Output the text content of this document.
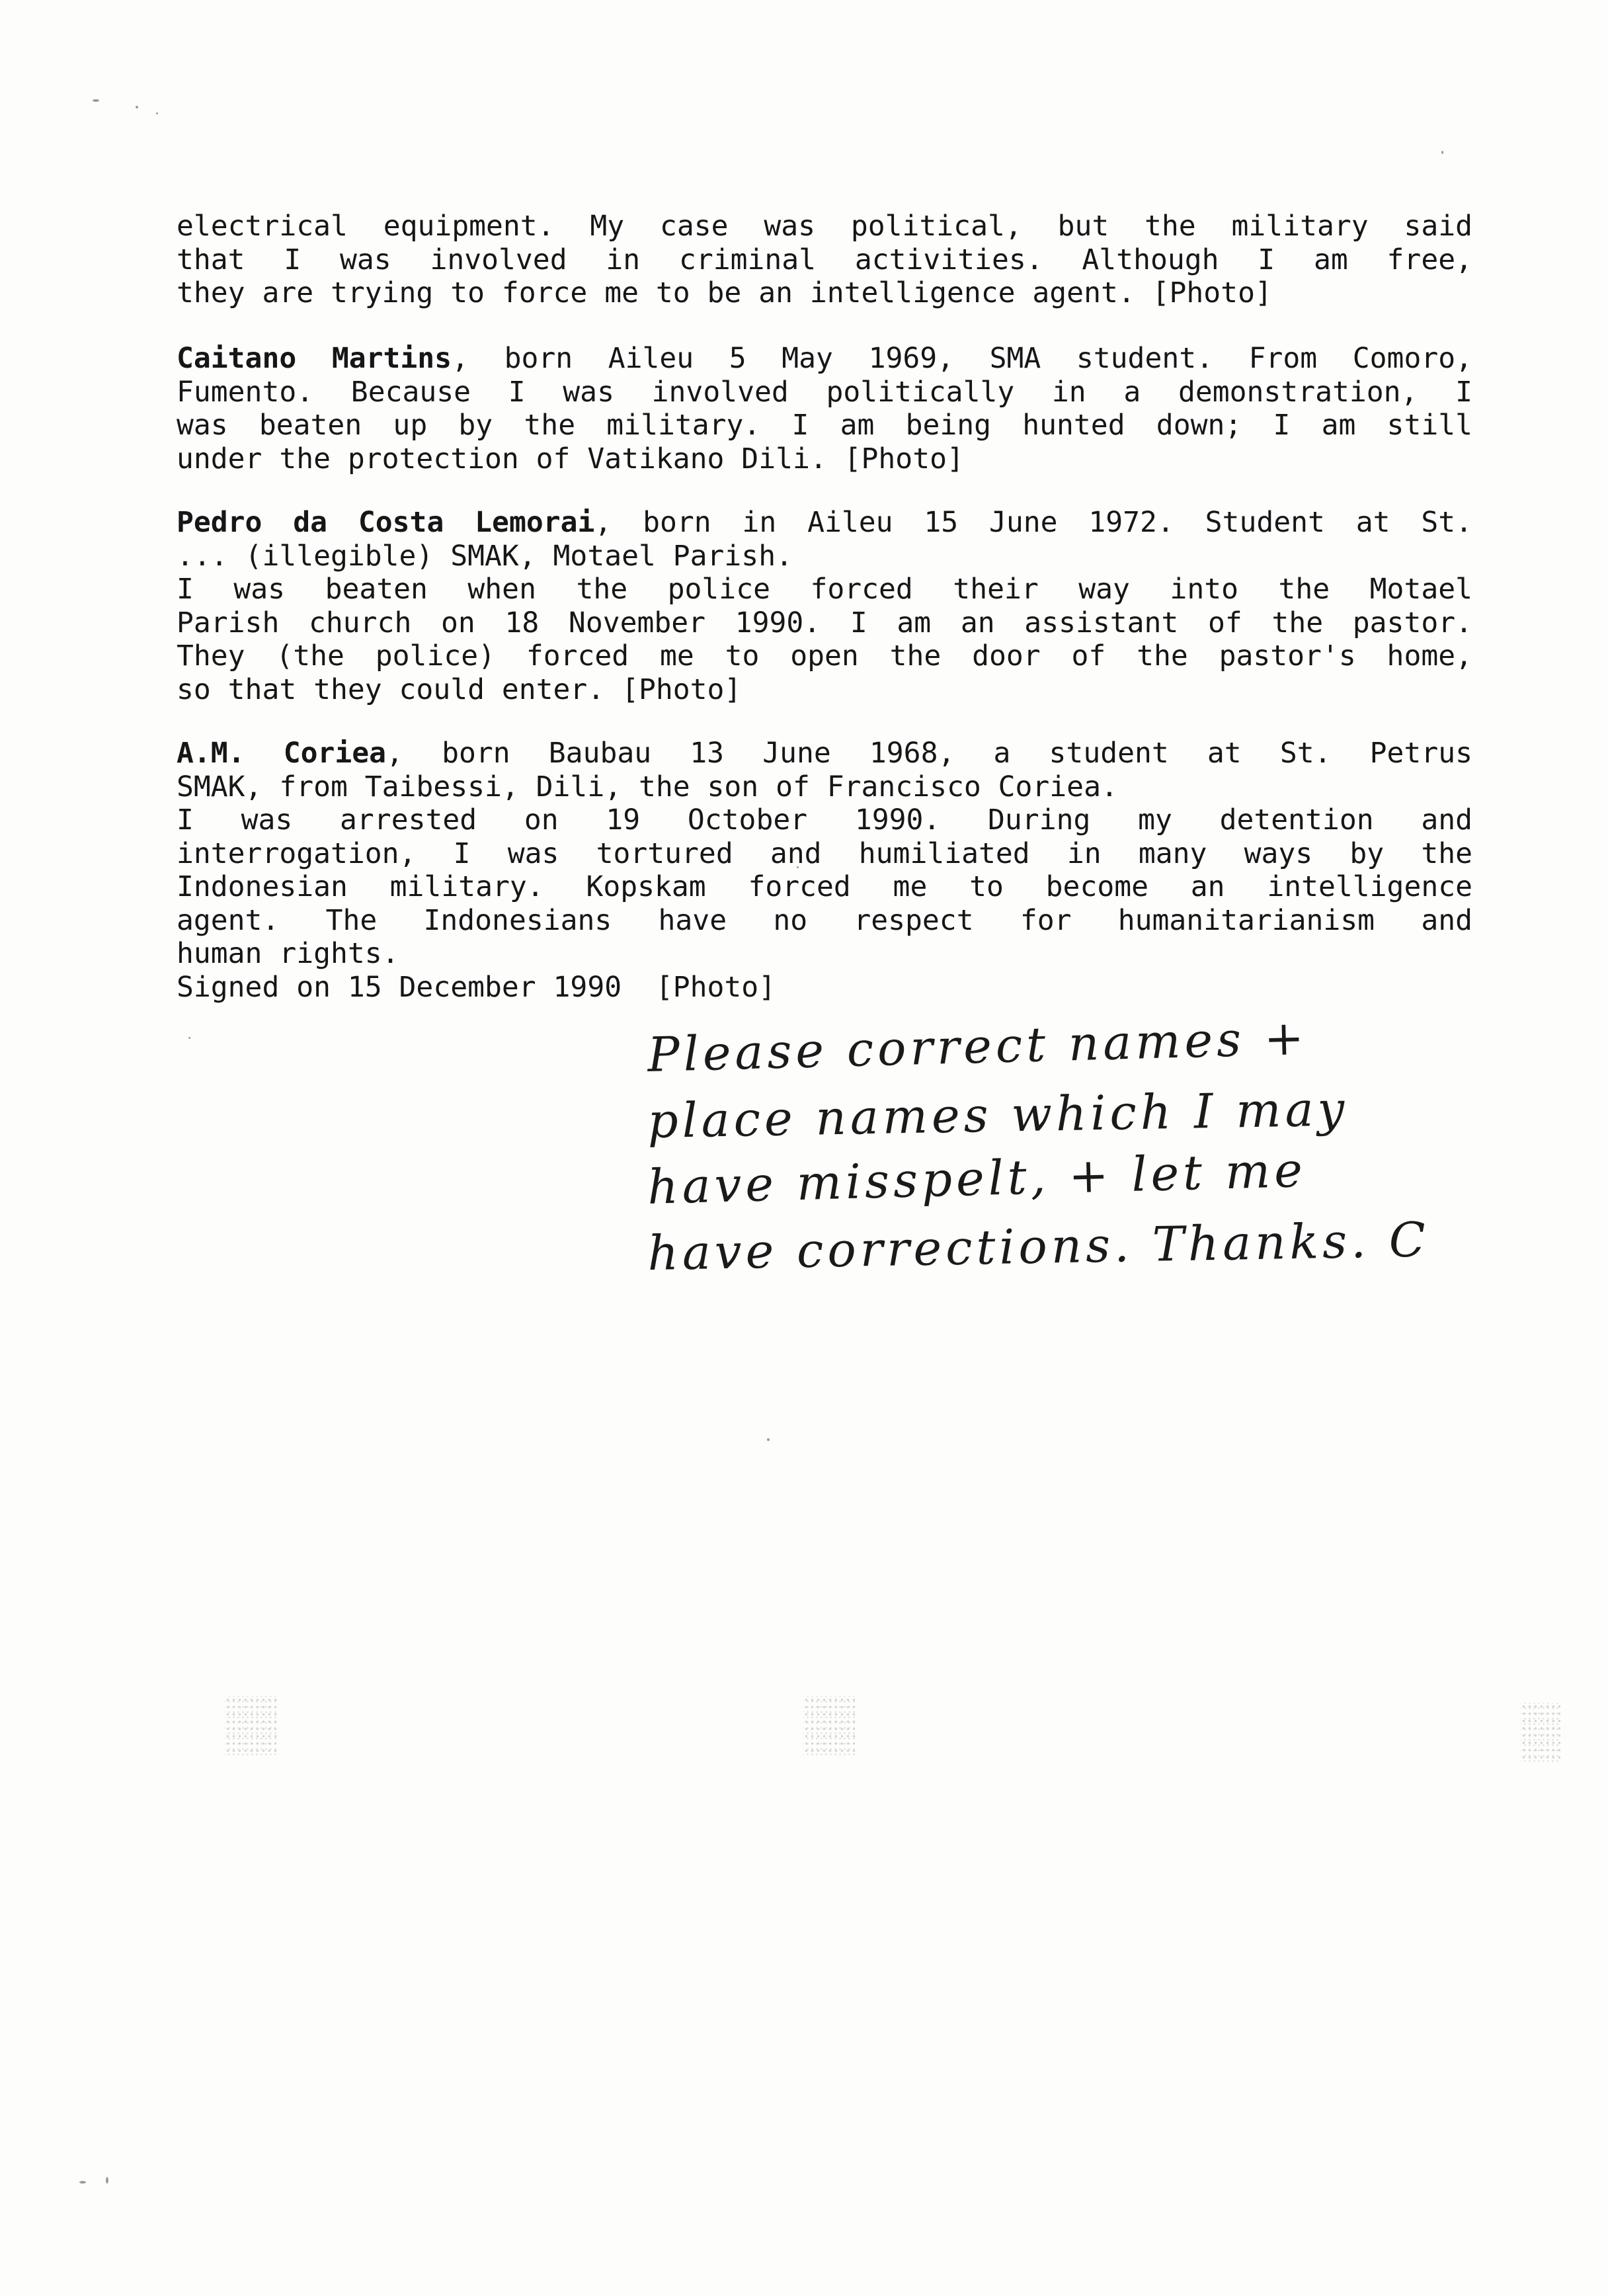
electrical equipment. My case was political, but the military said
that I was involved in criminal activities. Although I am free,
they are trying to force me to be an intelligence agent. [Photo]
Caitano Martins, born Aileu 5 May 1969, SMA student. From Comoro,
Fumento. Because I was involved politically in a demonstration, I
was beaten up by the military. I am being hunted down; I am still
under the protection of Vatikano Dili. [Photo]
Pedro da Costa Lemorai, born in Aileu 15 June 1972. Student at St.
... (illegible) SMAK, Motael Parish.
I was beaten when the police forced their way into the Motael
Parish church on 18 November 1990. I am an assistant of the pastor.
They (the police) forced me to open the door of the pastor's home,
so that they could enter. [Photo]
A.M. Coriea, born Baubau 13 June 1968, a student at St. Petrus
SMAK, from Taibessi, Dili, the son of Francisco Coriea.
I was arrested on 19 October 1990. During my detention and
interrogation, I was tortured and humiliated in many ways by the
Indonesian military. Kopskam forced me to become an intelligence
agent. The Indonesians have no respect for humanitarianism and
human rights.
Signed on 15 December 1990  [Photo]
Please correct names +
place names which I may
have misspelt, + let me
have corrections. Thanks. C
